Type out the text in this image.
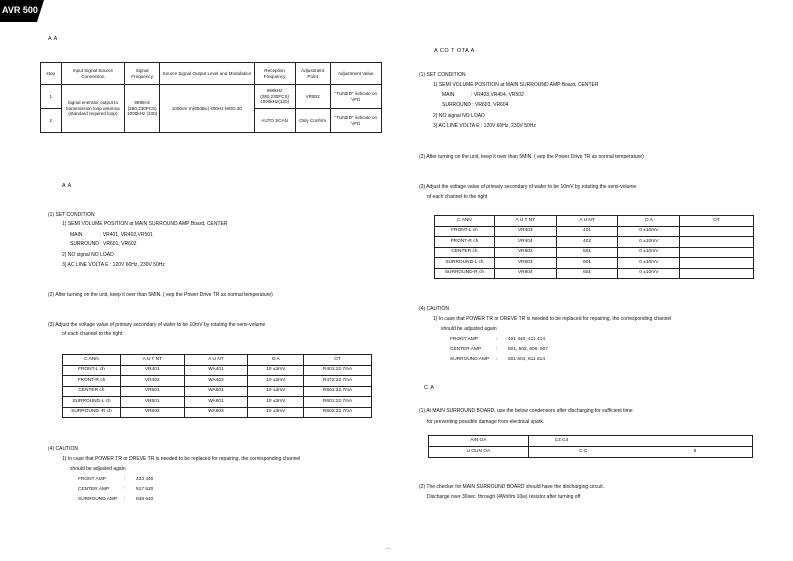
AVR 500
A A
step	Input Signal Source Connection	Signal Frequency	Source Signal Output Level and Modulation	Reception Frequency	Adjustment Point	Adjustment Value
1	Signal enerator output to transmission loop antenna (standard required loop)	999kHz (280,230FCS) 1000kHz (100)	1000uV m(60dBu) 400Hz MOD.30	999kHz (280,230FCS) 1000kHz(120)	VR802	"TUNED" indicate on VFD
2				AUTO SCAN	Only Confirm	"TUNED" indicate on VFD
A A
(1) SET CONDITION
1) SEMI VOLUME POSITION at MAIN SURROUND AMP Board, CENTER
MAIN	: VR401, VR402,VR501
SURROUND : VR601, VR602
2) NO signal NO LOAD
3) AC LINE VOLTA E : 120V 60Hz, 230V 50Hz
(2) After turning on the unit, keep it over than 5MIN. ( eep the Power Drive TR as normal temperature)
(3) Adjust the voltage value of primary secondary of wafer to be 10mV by rotating the semi-volume
of each channel to the right
C ANN	A U T NT	A U NT	O A	OT
FRONT-L ch	VR401	WA401	10 ±3mV	R401:22.7mA
FRONT-R ch	VR402	WA402	10 ±3mV	R472:22.7mA
CENTER ch	VR501	WA501	10 ±3mV	R501:22.7mA
SURROUND-L ch	VR601	WA601	10 ±3mV	R601:22.7mA
SURROUND -R ch	VR602	WA602	10 ±3mV	R602:22.7mA
(4) CAUTION
1) In case that POWER TR or DREVE TR is needed to be replaced for repairing, the corresponding channel
should be adjusted again
FRONT AMP	: 433 440
CENTER AMP	: 517 520
SURROUND AMP : 638 640
A CO T OTA A
(1) SET CONDITION
1) SEMI VOLUME POSITION at MAIN SURROUND AMP Board, CENTER
MAIN	: VR403,VR404, VR502
SURROUND : VR603, VR604
2) NO signal NO LOAD
3) AC LINE VOLTA E : 120V 60Hz, 230V 50Hz
(2) After turning on the unit, keep it over than 5MIN. ( eep the Power Drive TR as normal temperature)
(3) Adjust the voltage value of primary secondary of wafer to be 10mV by rotating the semi-volume
of each channel to the right
C ANN	A U T NT	A U NT	O A	OT
FRONT-L ch	VR403	401	0 ±10mV	
FRONT-R ch	VR404	402	0 ±10mV	
CENTER ch	VR502	501	0 ±10mV	
SURROUND-L ch	VR603	601	0 ±10mV	
SURROUND-R ch	VR604	601	0 ±10mV	
(4) CAUTION
1) In case that POWER TR or DREVE TR is needed to be replaced for repairing, the corresponding channel
should be adjusted again
FRONT AMP	: 401 440, 411 414
CENTER AMP	: 501, 502, 506, 507
SURROUND AMP : 601 604, 611 614
C A
(1) At MAIN SURROUND BOARD, use the below condensors after discharging for sufficient time
for preventing possible damage from electrical spark.
AIN OA	C4 C4	
U OUN OA	C C	5
(2) The checker for MAIN SURROUND BOARD should have the discharging circuit.
Discharge over 30sec. through (4Wohm 10w) resistor after turning off
- -
